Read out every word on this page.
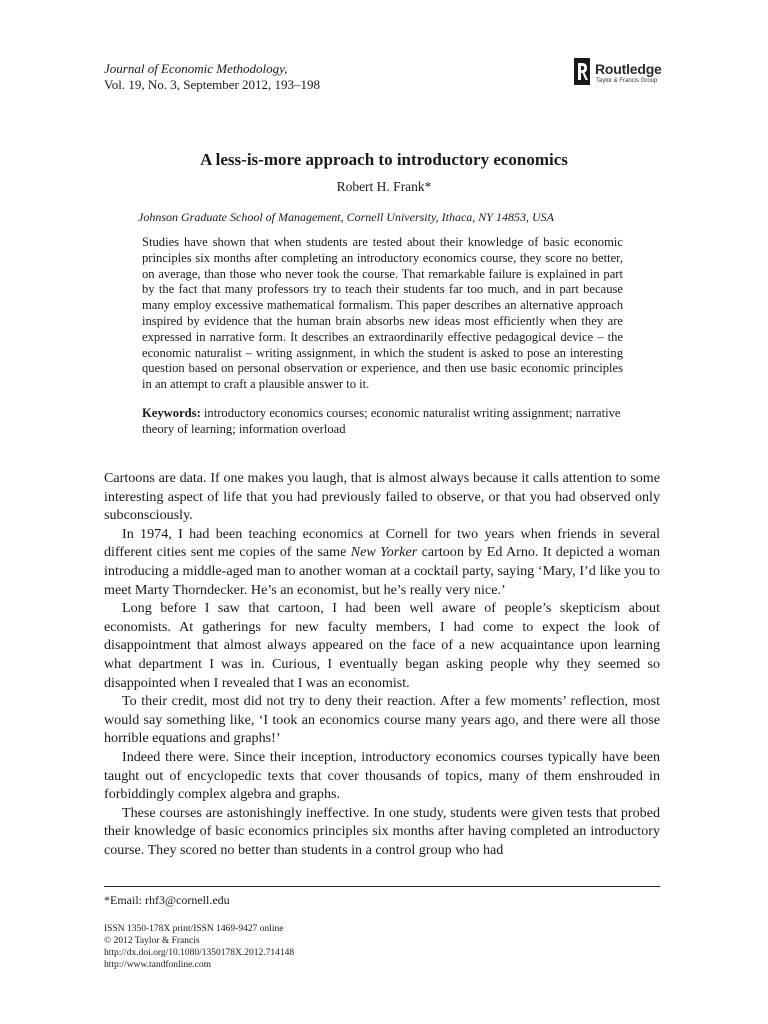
Journal of Economic Methodology,
Vol. 19, No. 3, September 2012, 193–198
Routledge
Taylor & Francis Group
A less-is-more approach to introductory economics
Robert H. Frank*
Johnson Graduate School of Management, Cornell University, Ithaca, NY 14853, USA
Studies have shown that when students are tested about their knowledge of basic economic principles six months after completing an introductory economics course, they score no better, on average, than those who never took the course. That remarkable failure is explained in part by the fact that many professors try to teach their students far too much, and in part because many employ excessive mathematical formalism. This paper describes an alternative approach inspired by evidence that the human brain absorbs new ideas most efficiently when they are expressed in narrative form. It describes an extraordinarily effective pedagogical device – the economic naturalist – writing assignment, in which the student is asked to pose an interesting question based on personal observation or experience, and then use basic economic principles in an attempt to craft a plausible answer to it.
Keywords: introductory economics courses; economic naturalist writing assignment; narrative theory of learning; information overload

Cartoons are data. If one makes you laugh, that is almost always because it calls attention to some interesting aspect of life that you had previously failed to observe, or that you had observed only subconsciously.

In 1974, I had been teaching economics at Cornell for two years when friends in several different cities sent me copies of the same New Yorker cartoon by Ed Arno. It depicted a woman introducing a middle-aged man to another woman at a cocktail party, saying ‘Mary, I’d like you to meet Marty Thorndecker. He’s an economist, but he’s really very nice.’

Long before I saw that cartoon, I had been well aware of people’s skepticism about economists. At gatherings for new faculty members, I had come to expect the look of disappointment that almost always appeared on the face of a new acquaintance upon learning what department I was in. Curious, I eventually began asking people why they seemed so disappointed when I revealed that I was an economist.

To their credit, most did not try to deny their reaction. After a few moments’ reflection, most would say something like, ‘I took an economics course many years ago, and there were all those horrible equations and graphs!’

Indeed there were. Since their inception, introductory economics courses typically have been taught out of encyclopedic texts that cover thousands of topics, many of them enshrouded in forbiddingly complex algebra and graphs.

These courses are astonishingly ineffective. In one study, students were given tests that probed their knowledge of basic economics principles six months after having completed an introductory course. They scored no better than students in a control group who had

*Email: rhf3@cornell.edu
ISSN 1350-178X print/ISSN 1469-9427 online
© 2012 Taylor & Francis
http://dx.doi.org/10.1080/1350178X.2012.714148
http://www.tandfonline.com
